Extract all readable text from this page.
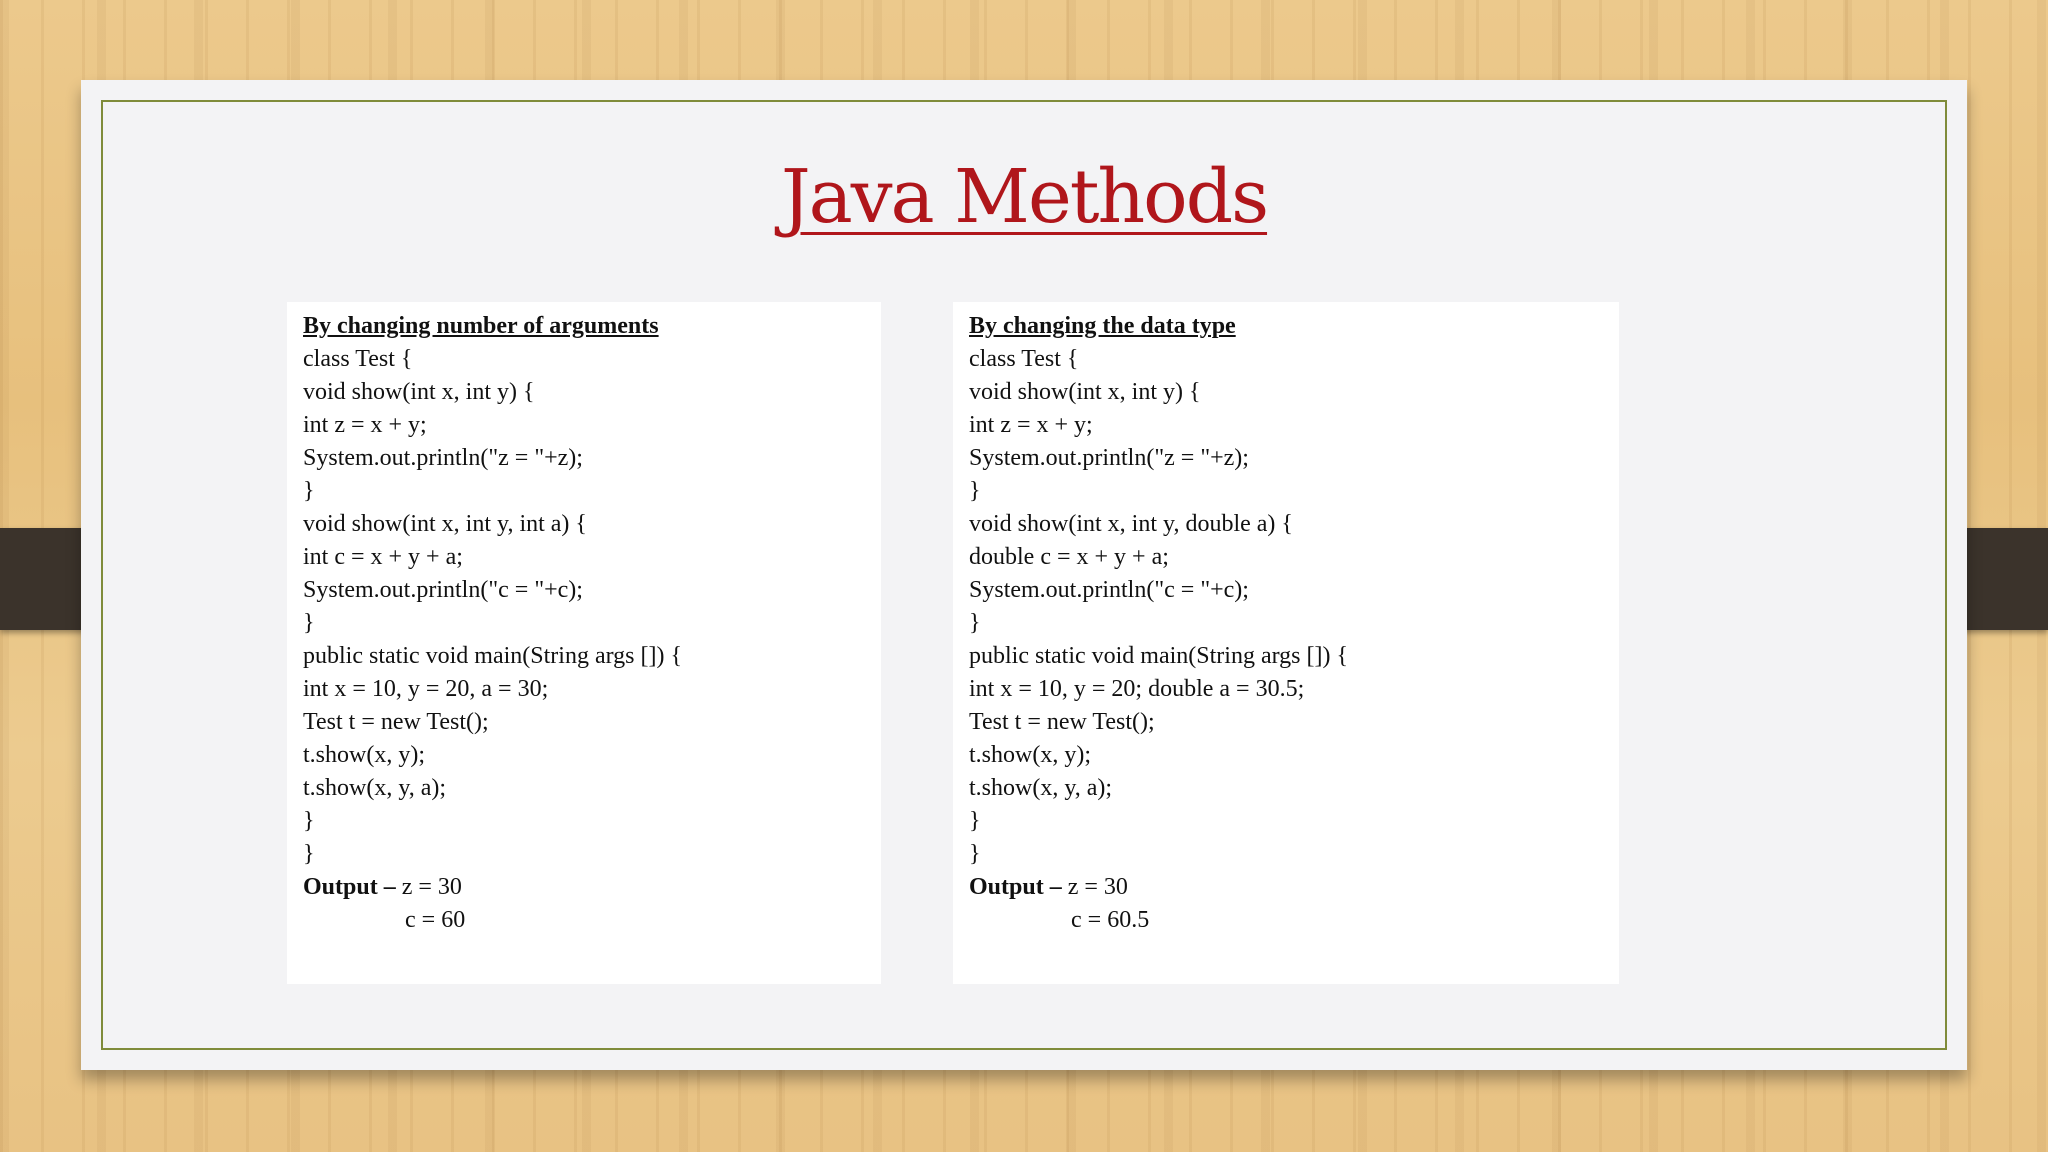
Java Methods
By changing number of arguments
class Test {
void show(int x, int y) {
int z = x + y;
System.out.println("z = "+z);
}
void show(int x, int y, int a) {
int c = x + y + a;
System.out.println("c = "+c);
}
public static void main(String args []) {
int x = 10, y = 20, a = 30;
Test t = new Test();
t.show(x, y);
t.show(x, y, a);
}
}
Output – z = 30
c = 60
By changing the data type
class Test {
void show(int x, int y) {
int z = x + y;
System.out.println("z = "+z);
}
void show(int x, int y, double a) {
double c = x + y + a;
System.out.println("c = "+c);
}
public static void main(String args []) {
int x = 10, y = 20; double a = 30.5;
Test t = new Test();
t.show(x, y);
t.show(x, y, a);
}
}
Output – z = 30
c = 60.5
